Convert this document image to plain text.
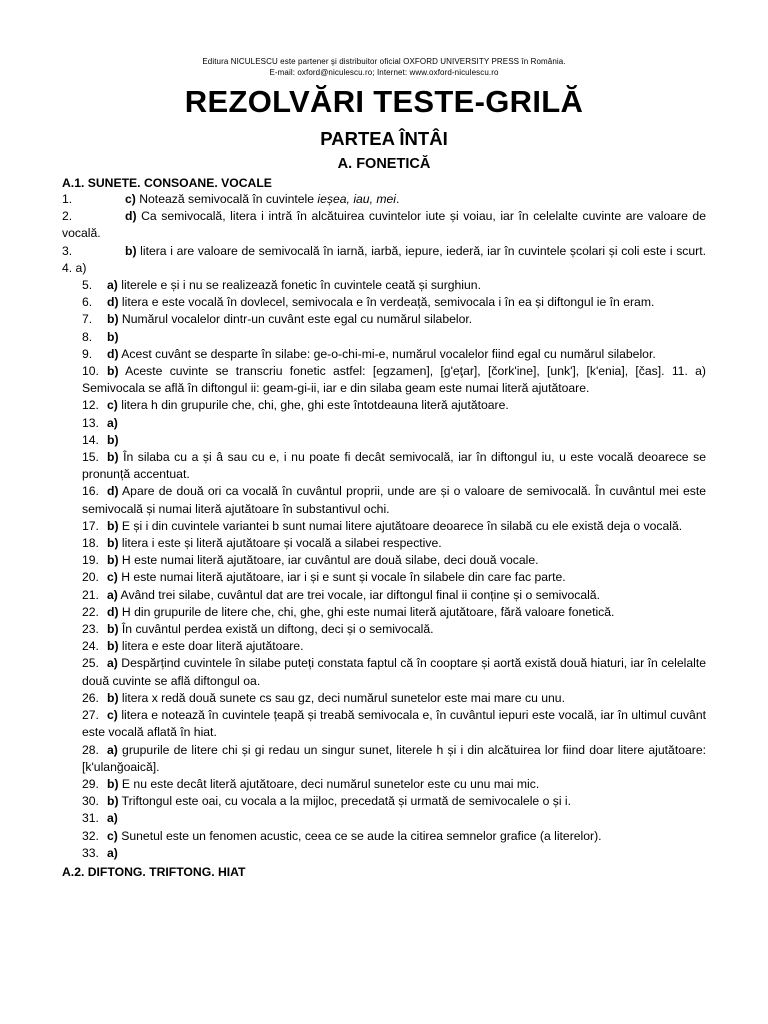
Editura NICULESCU este partener şi distribuitor oficial OXFORD UNIVERSITY PRESS în România.
E-mail: oxford@niculescu.ro; Internet: www.oxford-niculescu.ro
REZOLVĂRI TESTE-GRILĂ
PARTEA ÎNTÂI
A. FONETICĂ
A.1. SUNETE. CONSOANE. VOCALE
1.	c) Notează semivocală în cuvintele ieșea, iau, mei.
2.	d) Ca semivocală, litera i intră în alcătuirea cuvintelor iute și voiau, iar în celelalte cuvinte are valoare de vocală.
3.	b) litera i are valoare de semivocală în iarnă, iarbă, iepure, iederă, iar în cuvintele școlari și coli este i scurt. 4. a)
5. a) literele e și i nu se realizează fonetic în cuvintele ceată și surghiun.
6. d) litera e este vocală în dovlecel, semivocala e în verdeață, semivocala i în ea și diftongul ie în eram.
7. b) Numărul vocalelor dintr-un cuvânt este egal cu numărul silabelor.
8. b)
9. d) Acest cuvânt se desparte în silabe: ge-o-chi-mi-e, numărul vocalelor fiind egal cu numărul silabelor.
10. b) Aceste cuvinte se transcriu fonetic astfel: [egzamen], [g'eţar], [čork'ine], [unk'], [k'enia], [čas]. 11. a) Semivocala se află în diftongul ii: geam-gi-ii, iar e din silaba geam este numai literă ajutătoare.
12. c) litera h din grupurile che, chi, ghe, ghi este întotdeauna literă ajutătoare.
13. a)
14. b)
15. b) În silaba cu a și â sau cu e, i nu poate fi decât semivocală, iar în diftongul iu, u este vocală deoarece se pronunță accentuat.
16. d) Apare de două ori ca vocală în cuvântul proprii, unde are și o valoare de semivocală. În cuvântul mei este semivocală și numai literă ajutătoare în substantivul ochi.
17. b) E și i din cuvintele variantei b sunt numai litere ajutătoare deoarece în silabă cu ele există deja o vocală.
18. b) litera i este și literă ajutătoare și vocală a silabei respective.
19. b) H este numai literă ajutătoare, iar cuvântul are două silabe, deci două vocale.
20. c) H este numai literă ajutătoare, iar i și e sunt și vocale în silabele din care fac parte.
21. a) Având trei silabe, cuvântul dat are trei vocale, iar diftongul final ii conține și o semivocală.
22. d) H din grupurile de litere che, chi, ghe, ghi este numai literă ajutătoare, fără valoare fonetică.
23. b) În cuvântul perdea există un diftong, deci și o semivocală.
24. b) litera e este doar literă ajutătoare.
25. a) Despărțind cuvintele în silabe puteți constata faptul că în cooptare și aortă există două hiaturi, iar în celelalte două cuvinte se află diftongul oa.
26. b) litera x redă două sunete cs sau gz, deci numărul sunetelor este mai mare cu unu.
27. c) litera e notează în cuvintele țeapă și treabă semivocala e, în cuvântul iepuri este vocală, iar în ultimul cuvânt este vocală aflată în hiat.
28. a) grupurile de litere chi și gi redau un singur sunet, literele h și i din alcătuirea lor fiind doar litere ajutătoare: [k'ulanğoaică].
29. b) E nu este decât literă ajutătoare, deci numărul sunetelor este cu unu mai mic.
30. b) Triftongul este oai, cu vocala a la mijloc, precedată și urmată de semivocalele o și i.
31. a)
32. c) Sunetul este un fenomen acustic, ceea ce se aude la citirea semnelor grafice (a literelor).
33. a)
A.2. DIFTONG. TRIFTONG. HIAT
